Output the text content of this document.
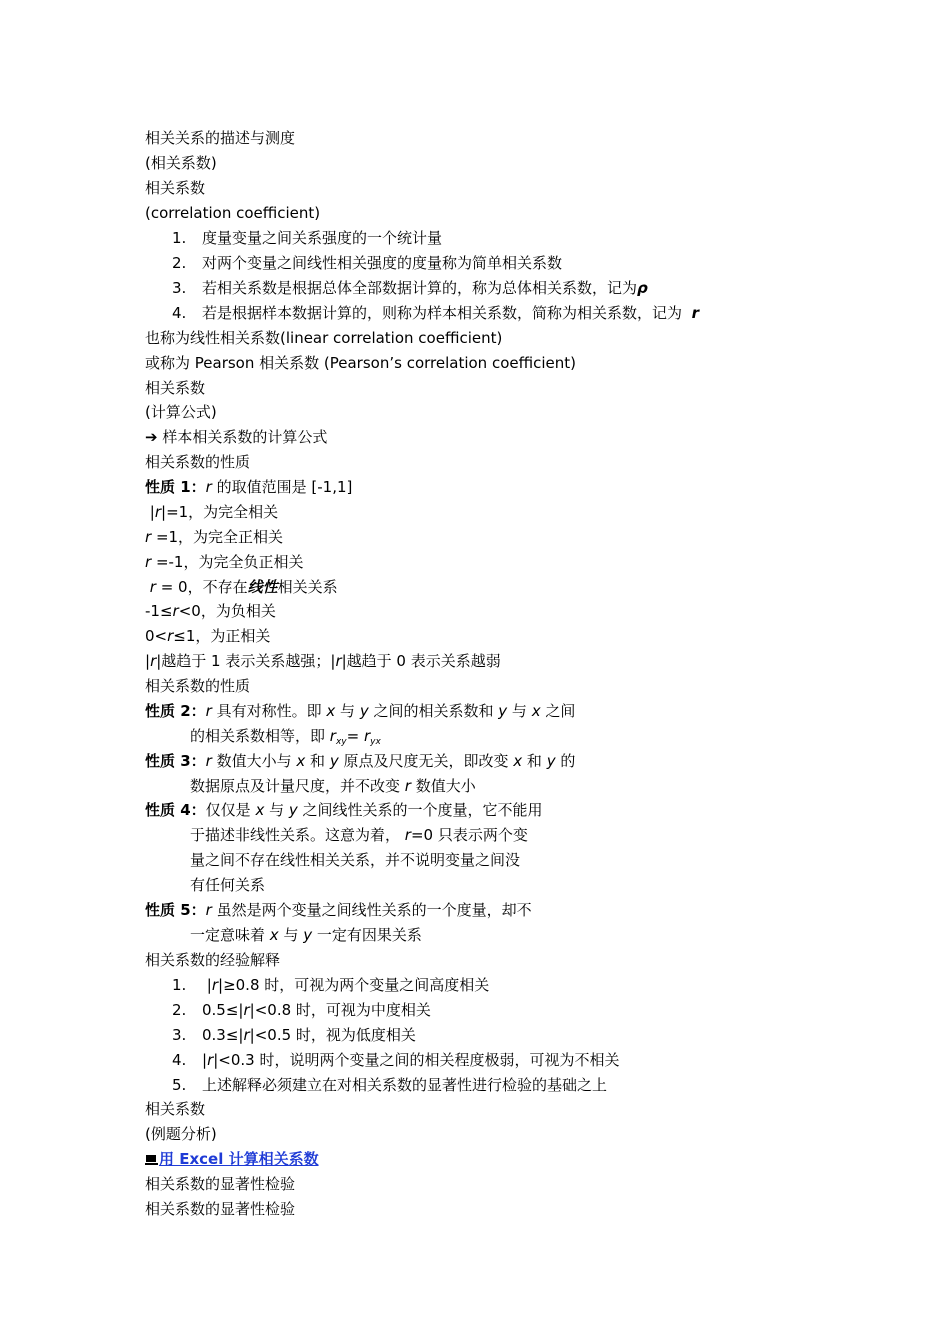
相关关系的描述与测度
(相关系数)
相关系数
(correlation coefficient)
1. 度量变量之间关系强度的一个统计量
2. 对两个变量之间线性相关强度的度量称为简单相关系数
3. 若相关系数是根据总体全部数据计算的，称为总体相关系数，记为ρ
4. 若是根据样本数据计算的，则称为样本相关系数，简称为相关系数，记为 r
也称为线性相关系数(linear correlation coefficient)
或称为 Pearson 相关系数 (Pearson’s correlation coefficient)
相关系数
(计算公式)
➔ 样本相关系数的计算公式
相关系数的性质
性质 1：r 的取值范围是 [-1,1]
|r|=1，为完全相关
r =1，为完全正相关
r =-1，为完全负正相关
r = 0，不存在线性相关关系
-1≤r<0，为负相关
0<r≤1，为正相关
|r|越趋于 1 表示关系越强；|r|越趋于 0 表示关系越弱
相关系数的性质
性质 2：r 具有对称性。即 x 与 y 之间的相关系数和 y 与 x 之间
的相关系数相等，即 $r_{xy}= r_{yx}$
性质 3：r 数值大小与 x 和 y 原点及尺度无关，即改变 x 和 y 的
数据原点及计量尺度，并不改变 r 数值大小
性质 4：仅仅是 x 与 y 之间线性关系的一个度量，它不能用
于描述非线性关系。这意为着， r=0 只表示两个变
量之间不存在线性相关关系，并不说明变量之间没
有任何关系
性质 5：r 虽然是两个变量之间线性关系的一个度量，却不
一定意味着 x 与 y 一定有因果关系
相关系数的经验解释
1.	|r|≥0.8 时，可视为两个变量之间高度相关
2. 0.5≤|r|<0.8 时，可视为中度相关
3. 0.3≤|r|<0.5 时，视为低度相关
4. |r|<0.3 时，说明两个变量之间的相关程度极弱，可视为不相关
5. 上述解释必须建立在对相关系数的显著性进行检验的基础之上
相关系数
(例题分析)
用 Excel 计算相关系数
相关系数的显著性检验
相关系数的显著性检验
